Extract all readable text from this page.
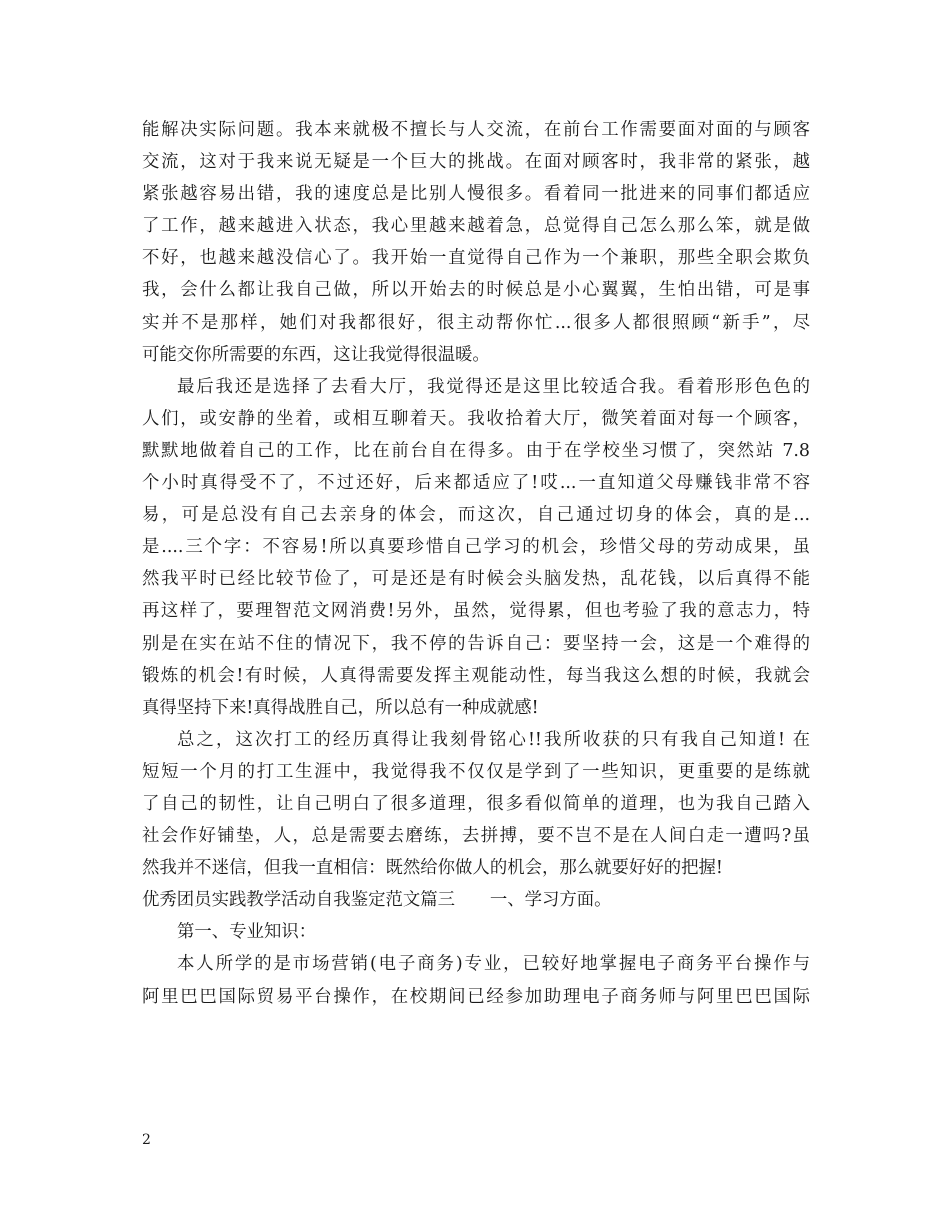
能解决实际问题。我本来就极不擅长与人交流，在前台工作需要面对面的与顾客
交流，这对于我来说无疑是一个巨大的挑战。在面对顾客时，我非常的紧张，越
紧张越容易出错，我的速度总是比别人慢很多。看着同一批进来的同事们都适应
了工作，越来越进入状态，我心里越来越着急，总觉得自己怎么那么笨，就是做
不好，也越来越没信心了。我开始一直觉得自己作为一个兼职，那些全职会欺负
我，会什么都让我自己做，所以开始去的时候总是小心翼翼，生怕出错，可是事
实并不是那样，她们对我都很好，很主动帮你忙...很多人都很照顾“新手”，尽
可能交你所需要的东西，这让我觉得很温暖。
最后我还是选择了去看大厅，我觉得还是这里比较适合我。看着形形色色的
人们，或安静的坐着，或相互聊着天。我收拾着大厅，微笑着面对每一个顾客，
默默地做着自己的工作，比在前台自在得多。由于在学校坐习惯了，突然站 7.8
个小时真得受不了，不过还好，后来都适应了!哎...一直知道父母赚钱非常不容
易，可是总没有自己去亲身的体会，而这次，自己通过切身的体会，真的是...
是....三个字：不容易!所以真要珍惜自己学习的机会，珍惜父母的劳动成果，虽
然我平时已经比较节俭了，可是还是有时候会头脑发热，乱花钱，以后真得不能
再这样了，要理智范文网消费!另外，虽然，觉得累，但也考验了我的意志力，特
别是在实在站不住的情况下，我不停的告诉自己：要坚持一会，这是一个难得的
锻炼的机会!有时候，人真得需要发挥主观能动性，每当我这么想的时候，我就会
真得坚持下来!真得战胜自己，所以总有一种成就感!
总之，这次打工的经历真得让我刻骨铭心!!我所收获的只有我自己知道! 在
短短一个月的打工生涯中，我觉得我不仅仅是学到了一些知识，更重要的是练就
了自己的韧性，让自己明白了很多道理，很多看似简单的道理，也为我自己踏入
社会作好铺垫，人，总是需要去磨练，去拼搏，要不岂不是在人间白走一遭吗?虽
然我并不迷信，但我一直相信：既然给你做人的机会，那么就要好好的把握!
优秀团员实践教学活动自我鉴定范文篇三　　一、学习方面。
第一、专业知识：
本人所学的是市场营销(电子商务)专业，已较好地掌握电子商务平台操作与
阿里巴巴国际贸易平台操作，在校期间已经参加助理电子商务师与阿里巴巴国际
2
